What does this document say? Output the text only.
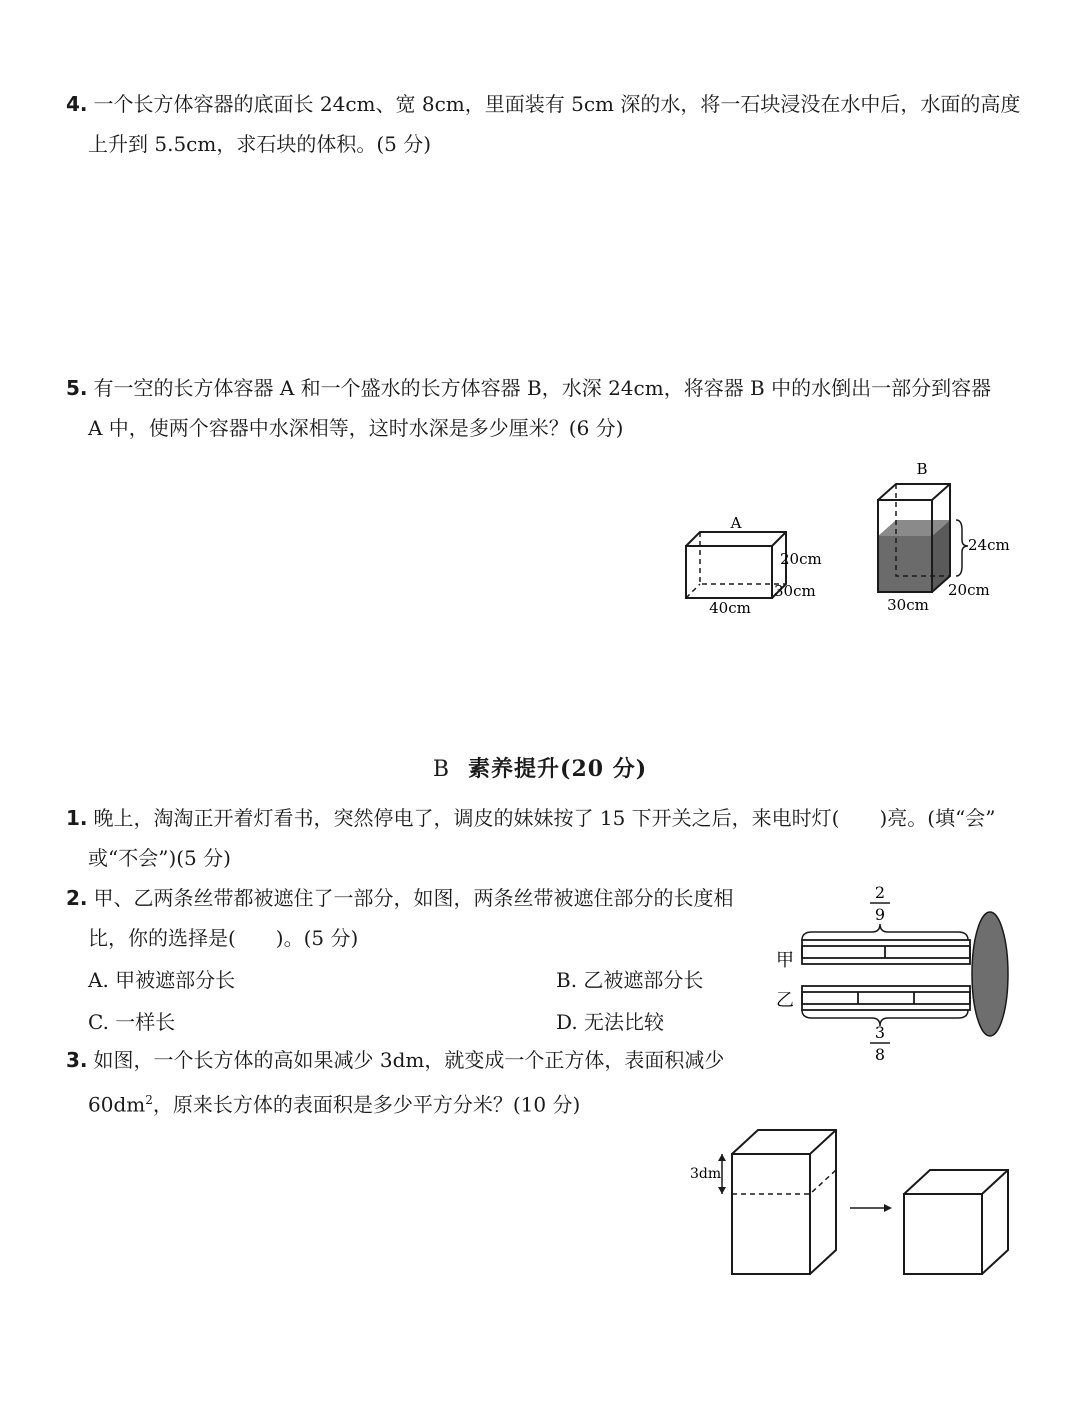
4. 一个长方体容器的底面长 24cm、宽 8cm，里面装有 5cm 深的水，将一石块浸没在水中后，水面的高度
上升到 5.5cm，求石块的体积。(5 分)
5. 有一空的长方体容器 A 和一个盛水的长方体容器 B，水深 24cm，将容器 B 中的水倒出一部分到容器
A 中，使两个容器中水深相等，这时水深是多少厘米？(6 分)
A
20cm
30cm
40cm
B
24cm
20cm
30cm
B 素养提升(20 分)
1. 晚上，淘淘正开着灯看书，突然停电了，调皮的妹妹按了 15 下开关之后，来电时灯(　　)亮。(填“会”
或“不会”)(5 分)
2. 甲、乙两条丝带都被遮住了一部分，如图，两条丝带被遮住部分的长度相
比，你的选择是(　　)。(5 分)
A. 甲被遮部分长	B. 乙被遮部分长
C. 一样长	D. 无法比较
2
9
甲
乙
3
8
3. 如图，一个长方体的高如果减少 3dm，就变成一个正方体，表面积减少
$60dm^2$，原来长方体的表面积是多少平方分米？(10 分)
3dm
